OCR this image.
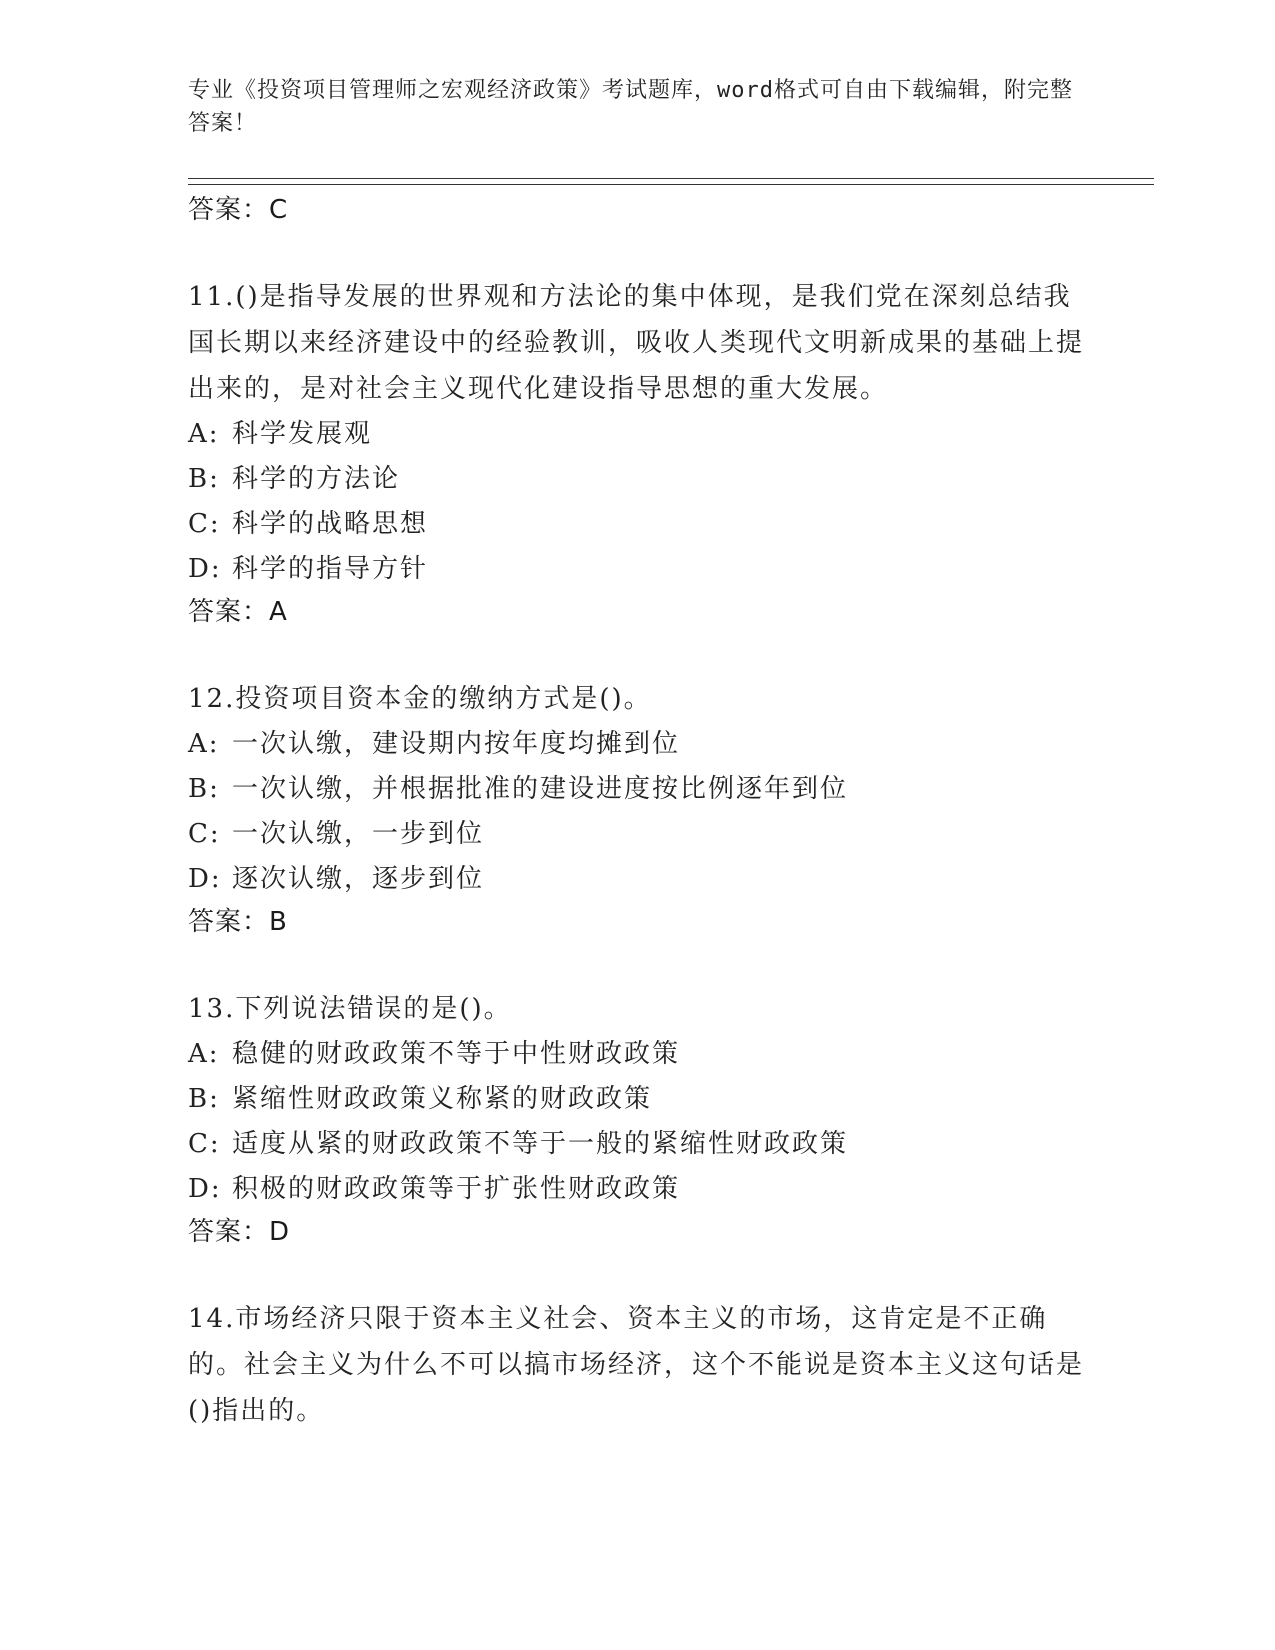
专业《投资项目管理师之宏观经济政策》考试题库，word格式可自由下载编辑，附完整答案！
答案：C

11.()是指导发展的世界观和方法论的集中体现，是我们党在深刻总结我国长期以来经济建设中的经验教训，吸收人类现代文明新成果的基础上提出来的，是对社会主义现代化建设指导思想的重大发展。

A: 科学发展观
B: 科学的方法论
C: 科学的战略思想
D: 科学的指导方针
答案：A

12.投资项目资本金的缴纳方式是()。

A: 一次认缴，建设期内按年度均摊到位
B: 一次认缴，并根据批准的建设进度按比例逐年到位
C: 一次认缴，一步到位
D: 逐次认缴，逐步到位
答案：B

13.下列说法错误的是()。

A: 稳健的财政政策不等于中性财政政策
B: 紧缩性财政政策义称紧的财政政策
C: 适度从紧的财政政策不等于一般的紧缩性财政政策
D: 积极的财政政策等于扩张性财政政策
答案：D

14.市场经济只限于资本主义社会、资本主义的市场，这肯定是不正确的。社会主义为什么不可以搞市场经济，这个不能说是资本主义这句话是()指出的。
